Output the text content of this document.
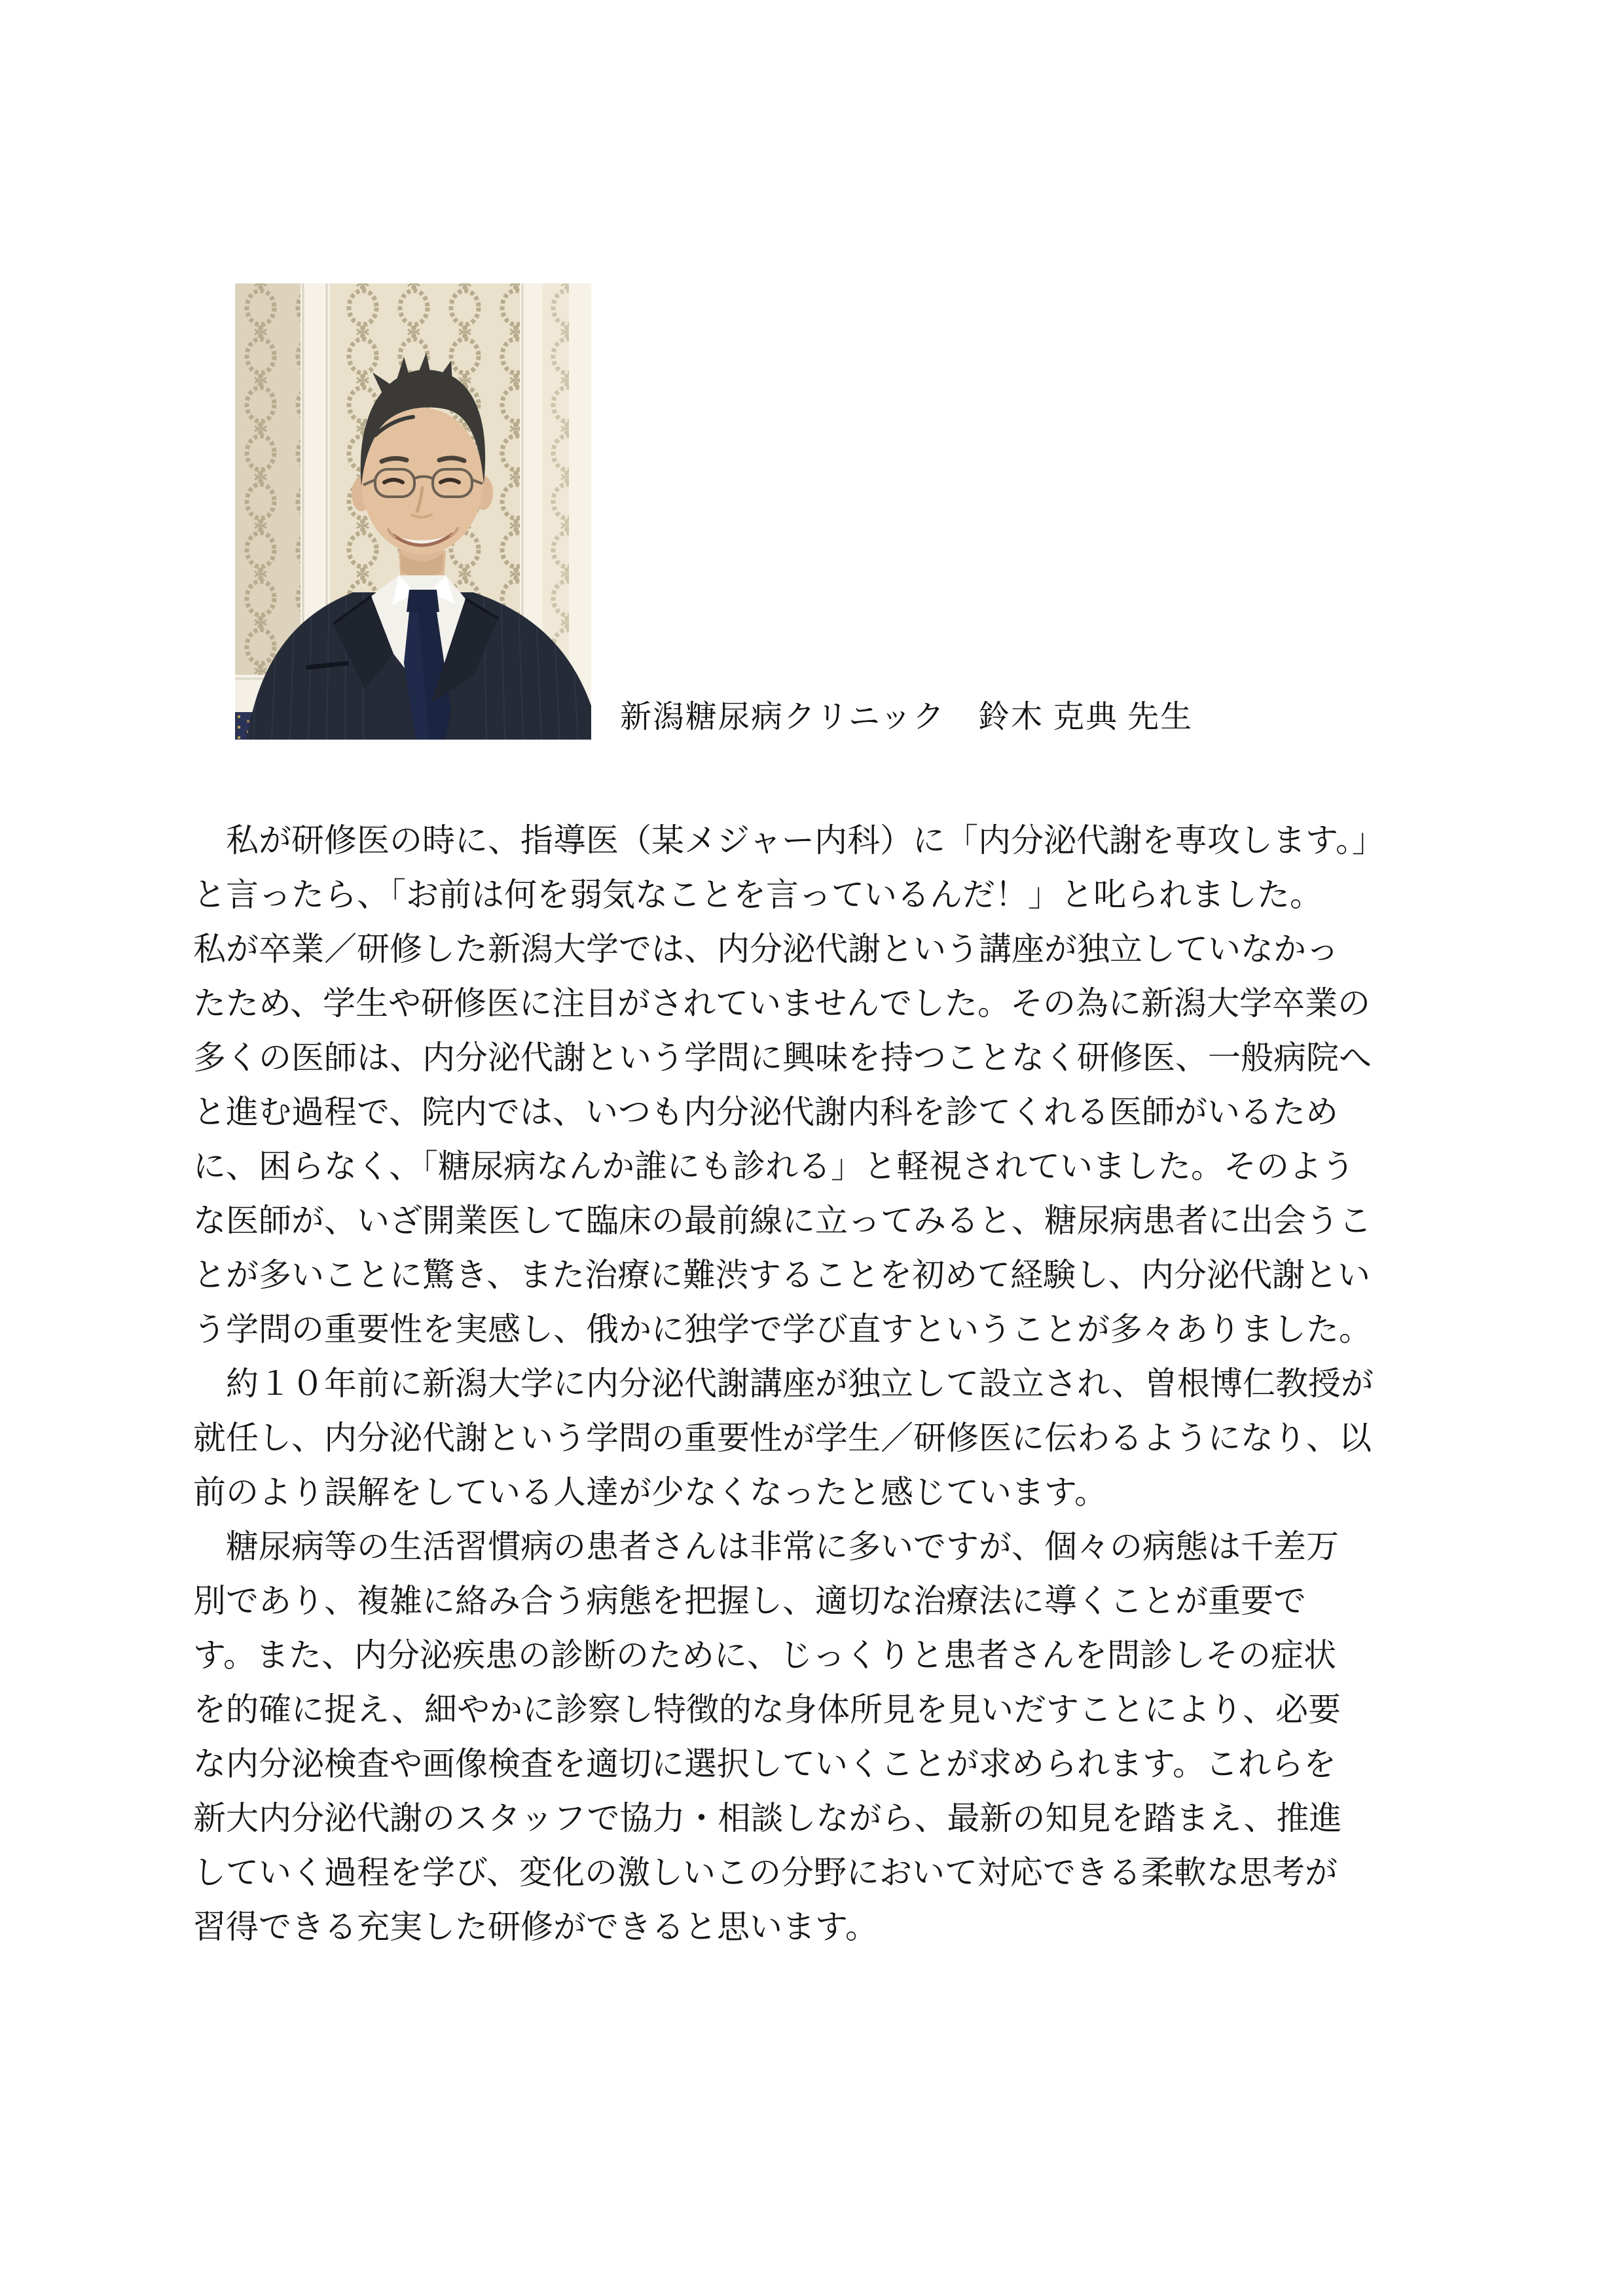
新潟糖尿病クリニック　鈴木 克典 先生
　私が研修医の時に、指導医（某メジャー内科）に「内分泌代謝を専攻します。」
と言ったら、「お前は何を弱気なことを言っているんだ！」と叱られました。
私が卒業／研修した新潟大学では、内分泌代謝という講座が独立していなかっ
たため、学生や研修医に注目がされていませんでした。その為に新潟大学卒業の
多くの医師は、内分泌代謝という学問に興味を持つことなく研修医、一般病院へ
と進む過程で、院内では、いつも内分泌代謝内科を診てくれる医師がいるため
に、困らなく、「糖尿病なんか誰にも診れる」と軽視されていました。そのよう
な医師が、いざ開業医して臨床の最前線に立ってみると、糖尿病患者に出会うこ
とが多いことに驚き、また治療に難渋することを初めて経験し、内分泌代謝とい
う学問の重要性を実感し、俄かに独学で学び直すということが多々ありました。
　約１０年前に新潟大学に内分泌代謝講座が独立して設立され、曽根博仁教授が
就任し、内分泌代謝という学問の重要性が学生／研修医に伝わるようになり、以
前のより誤解をしている人達が少なくなったと感じています。
　糖尿病等の生活習慣病の患者さんは非常に多いですが、個々の病態は千差万
別であり、複雑に絡み合う病態を把握し、適切な治療法に導くことが重要で
す。また、内分泌疾患の診断のために、じっくりと患者さんを問診しその症状
を的確に捉え、細やかに診察し特徴的な身体所見を見いだすことにより、必要
な内分泌検査や画像検査を適切に選択していくことが求められます。これらを
新大内分泌代謝のスタッフで協力・相談しながら、最新の知見を踏まえ、推進
していく過程を学び、変化の激しいこの分野において対応できる柔軟な思考が
習得できる充実した研修ができると思います。
